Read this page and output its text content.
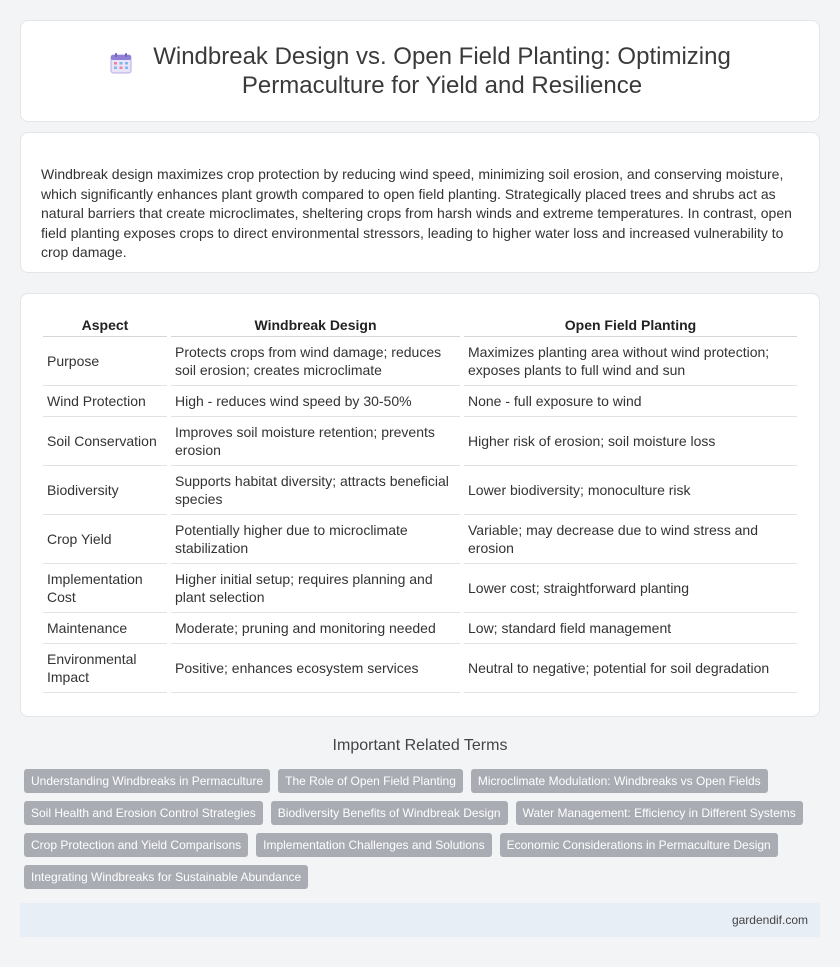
Windbreak Design vs. Open Field Planting: Optimizing
Permaculture for Yield and Resilience

Windbreak design maximizes crop protection by reducing wind speed, minimizing soil erosion, and conserving moisture, which significantly enhances plant growth compared to open field planting. Strategically placed trees and shrubs act as natural barriers that create microclimates, sheltering crops from harsh winds and extreme temperatures. In contrast, open field planting exposes crops to direct environmental stressors, leading to higher water loss and increased vulnerability to crop damage.

Aspect	Windbreak Design	Open Field Planting
Purpose	Protects crops from wind damage; reduces soil erosion; creates microclimate	Maximizes planting area without wind protection; exposes plants to full wind and sun
Wind Protection	High - reduces wind speed by 30-50%	None - full exposure to wind
Soil Conservation	Improves soil moisture retention; prevents erosion	Higher risk of erosion; soil moisture loss
Biodiversity	Supports habitat diversity; attracts beneficial species	Lower biodiversity; monoculture risk
Crop Yield	Potentially higher due to microclimate stabilization	Variable; may decrease due to wind stress and erosion
Implementation Cost	Higher initial setup; requires planning and plant selection	Lower cost; straightforward planting
Maintenance	Moderate; pruning and monitoring needed	Low; standard field management
Environmental Impact	Positive; enhances ecosystem services	Neutral to negative; potential for soil degradation
Important Related Terms
Understanding Windbreaks in Permaculture	The Role of Open Field Planting	Microclimate Modulation: Windbreaks vs Open Fields
Soil Health and Erosion Control Strategies	Biodiversity Benefits of Windbreak Design	Water Management: Efficiency in Different Systems
Crop Protection and Yield Comparisons	Implementation Challenges and Solutions	Economic Considerations in Permaculture Design
Integrating Windbreaks for Sustainable Abundance
gardendif.com
